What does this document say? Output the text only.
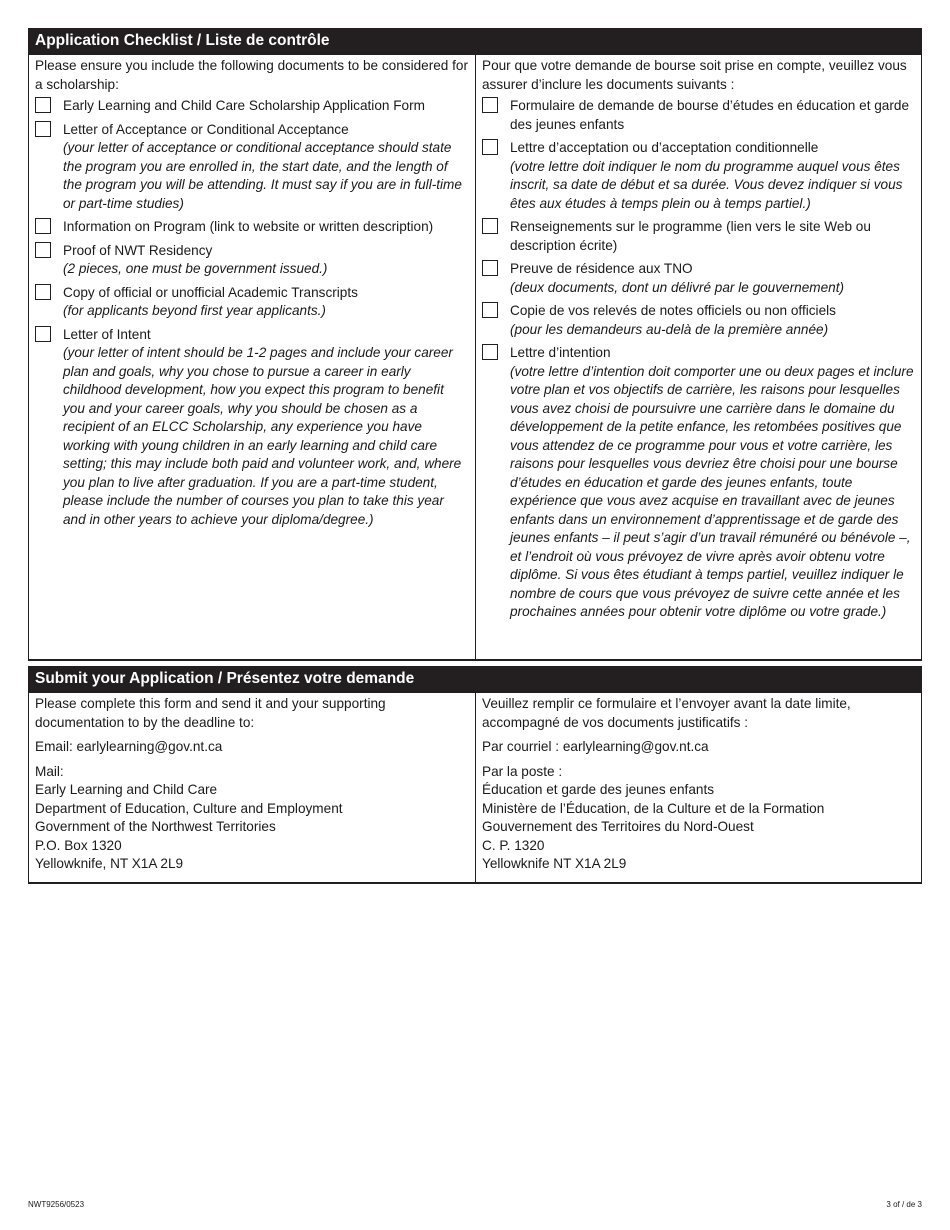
Application Checklist / Liste de contrôle
Please ensure you include the following documents to be considered for a scholarship:
Early Learning and Child Care Scholarship Application Form
Letter of Acceptance or Conditional Acceptance
(your letter of acceptance or conditional acceptance should state the program you are enrolled in, the start date, and the length of the program you will be attending. It must say if you are in full-time or part-time studies)
Information on Program (link to website or written description)
Proof of NWT Residency
(2 pieces, one must be government issued.)
Copy of official or unofficial Academic Transcripts
(for applicants beyond first year applicants.)
Letter of Intent
(your letter of intent should be 1-2 pages and include your career plan and goals, why you chose to pursue a career in early childhood development, how you expect this program to benefit you and your career goals, why you should be chosen as a recipient of an ELCC Scholarship, any experience you have working with young children in an early learning and child care setting; this may include both paid and volunteer work, and, where you plan to live after graduation. If you are a part-time student, please include the number of courses you plan to take this year and in other years to achieve your diploma/degree.)
Pour que votre demande de bourse soit prise en compte, veuillez vous assurer d’inclure les documents suivants :
Formulaire de demande de bourse d’études en éducation et garde des jeunes enfants
Lettre d’acceptation ou d’acceptation conditionnelle
(votre lettre doit indiquer le nom du programme auquel vous êtes inscrit, sa date de début et sa durée. Vous devez indiquer si vous êtes aux études à temps plein ou à temps partiel.)
Renseignements sur le programme (lien vers le site Web ou description écrite)
Preuve de résidence aux TNO
(deux documents, dont un délivré par le gouvernement)
Copie de vos relevés de notes officiels ou non officiels
(pour les demandeurs au-delà de la première année)
Lettre d’intention
(votre lettre d’intention doit comporter une ou deux pages et inclure votre plan et vos objectifs de carrière, les raisons pour lesquelles vous avez choisi de poursuivre une carrière dans le domaine du développement de la petite enfance, les retombées positives que vous attendez de ce programme pour vous et votre carrière, les raisons pour lesquelles vous devriez être choisi pour une bourse d’études en éducation et garde des jeunes enfants, toute expérience que vous avez acquise en travaillant avec de jeunes enfants dans un environnement d’apprentissage et de garde des jeunes enfants – il peut s’agir d’un travail rémunéré ou bénévole –, et l’endroit où vous prévoyez de vivre après avoir obtenu votre diplôme. Si vous êtes étudiant à temps partiel, veuillez indiquer le nombre de cours que vous prévoyez de suivre cette année et les prochaines années pour obtenir votre diplôme ou votre grade.)
Submit your Application / Présentez votre demande

Please complete this form and send it and your supporting documentation to by the deadline to:

Email: earlylearning@gov.nt.ca

Mail:
Early Learning and Child Care
Department of Education, Culture and Employment
Government of the Northwest Territories
P.O. Box 1320
Yellowknife, NT X1A 2L9

Veuillez remplir ce formulaire et l’envoyer avant la date limite, accompagné de vos documents justificatifs :

Par courriel : earlylearning@gov.nt.ca

Par la poste :
Éducation et garde des jeunes enfants
Ministère de l’Éducation, de la Culture et de la Formation
Gouvernement des Territoires du Nord-Ouest
C. P. 1320
Yellowknife NT X1A 2L9
NWT9256/0523	3 of / de 3
